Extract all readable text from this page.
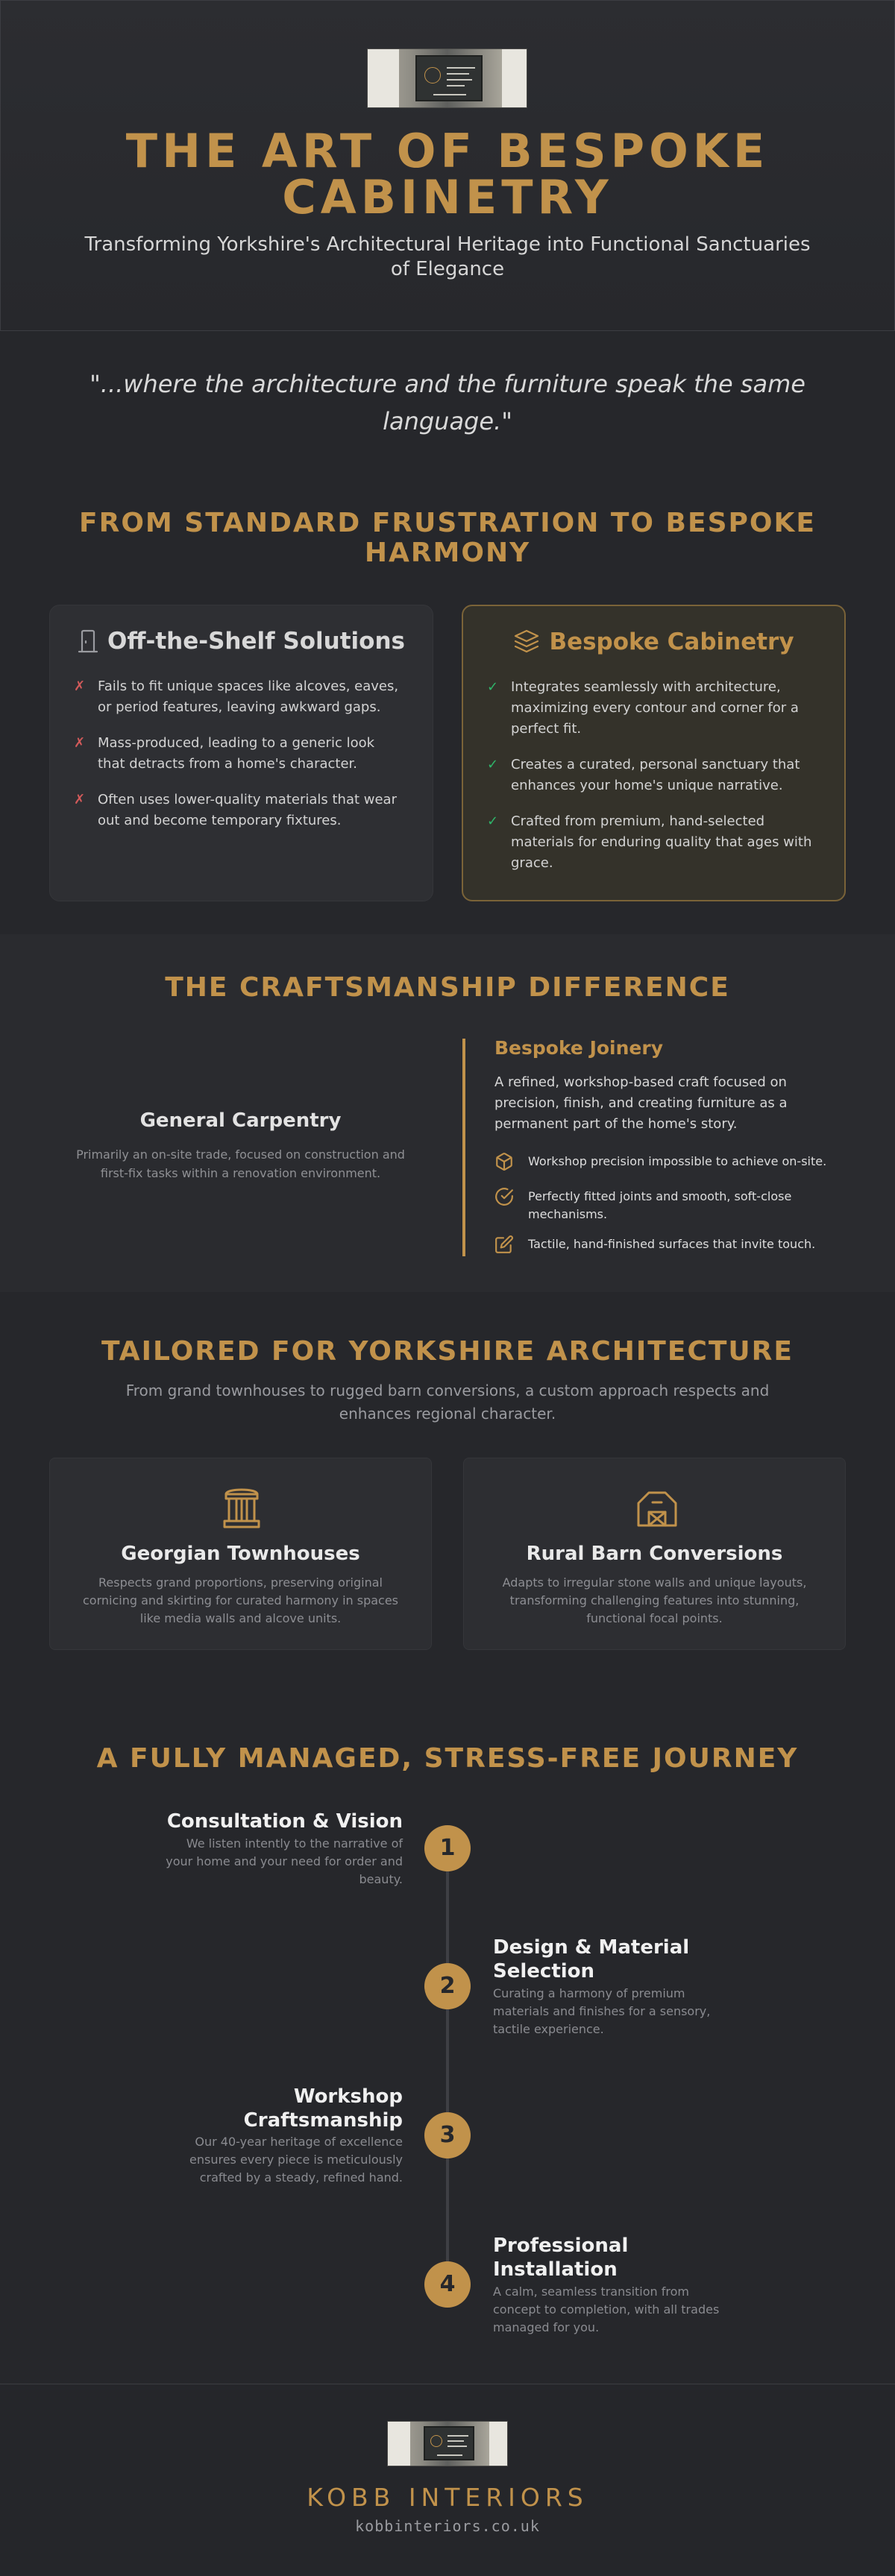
THE ART OF BESPOKE CABINETRY
Transforming Yorkshire's Architectural Heritage into Functional Sanctuaries of Elegance
"...where the architecture and the furniture speak the same language."
FROM STANDARD FRUSTRATION TO BESPOKE HARMONY
Off-the-Shelf Solutions
✗ Fails to fit unique spaces like alcoves, eaves, or period features, leaving awkward gaps.
✗ Mass-produced, leading to a generic look that detracts from a home's character.
✗ Often uses lower-quality materials that wear out and become temporary fixtures.
Bespoke Cabinetry
✓ Integrates seamlessly with architecture, maximizing every contour and corner for a perfect fit.
✓ Creates a curated, personal sanctuary that enhances your home's unique narrative.
✓ Crafted from premium, hand-selected materials for enduring quality that ages with grace.
THE CRAFTSMANSHIP DIFFERENCE
General Carpentry
Primarily an on-site trade, focused on construction and first-fix tasks within a renovation environment.
Bespoke Joinery
A refined, workshop-based craft focused on precision, finish, and creating furniture as a permanent part of the home's story.
Workshop precision impossible to achieve on-site.
Perfectly fitted joints and smooth, soft-close mechanisms.
Tactile, hand-finished surfaces that invite touch.
TAILORED FOR YORKSHIRE ARCHITECTURE
From grand townhouses to rugged barn conversions, a custom approach respects and enhances regional character.
Georgian Townhouses

Respects grand proportions, preserving original cornicing and skirting for curated harmony in spaces like media walls and alcove units.

Rural Barn Conversions

Adapts to irregular stone walls and unique layouts, transforming challenging features into stunning, functional focal points.

A FULLY MANAGED, STRESS-FREE JOURNEY
1
Consultation & Vision
We listen intently to the narrative of your home and your need for order and beauty.
2
Design & Material Selection
Curating a harmony of premium materials and finishes for a sensory, tactile experience.
3
Workshop Craftsmanship
Our 40-year heritage of excellence ensures every piece is meticulously crafted by a steady, refined hand.
4
Professional Installation
A calm, seamless transition from concept to completion, with all trades managed for you.
KOBB INTERIORS
kobbinteriors.co.uk
